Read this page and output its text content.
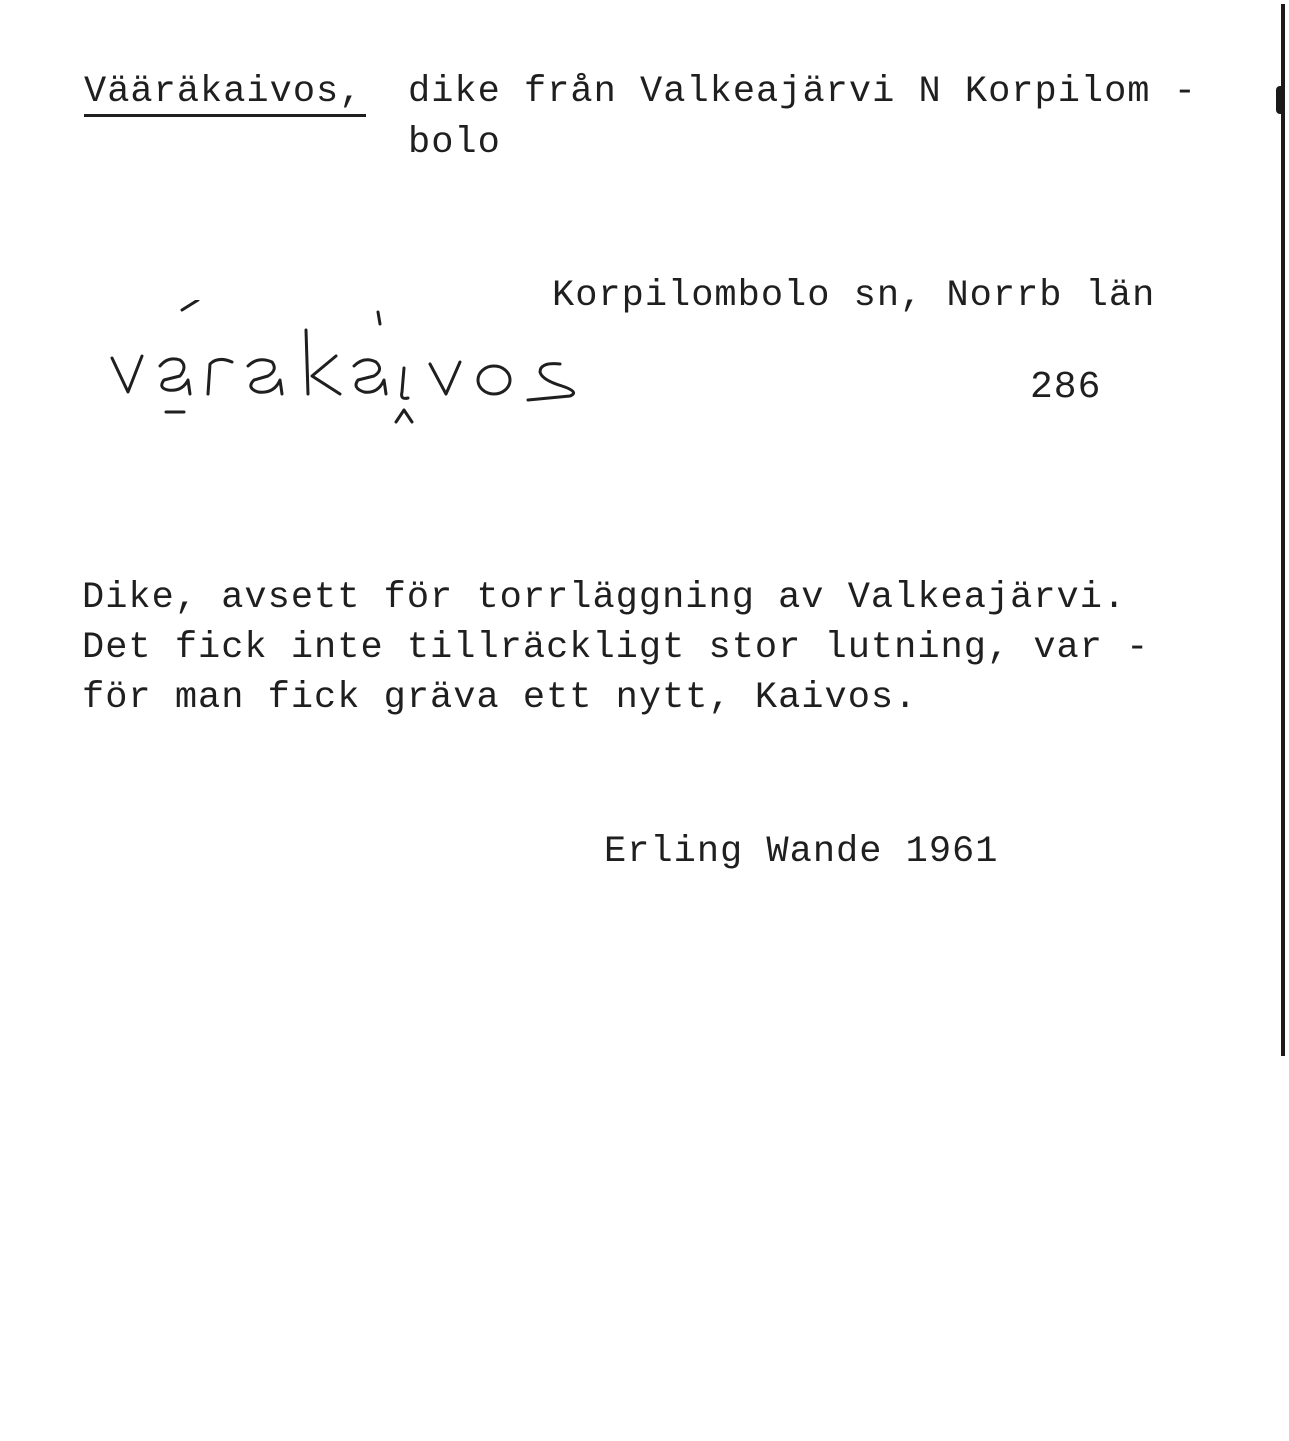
Vääräkaivos, dike från Valkeajärvi N Korpilom -
bolo
Korpilombolo sn, Norrb län
286
Dike, avsett för torrläggning av Valkeajärvi.
Det fick inte tillräckligt stor lutning, var -
för man fick gräva ett nytt, Kaivos.
Erling Wande 1961
